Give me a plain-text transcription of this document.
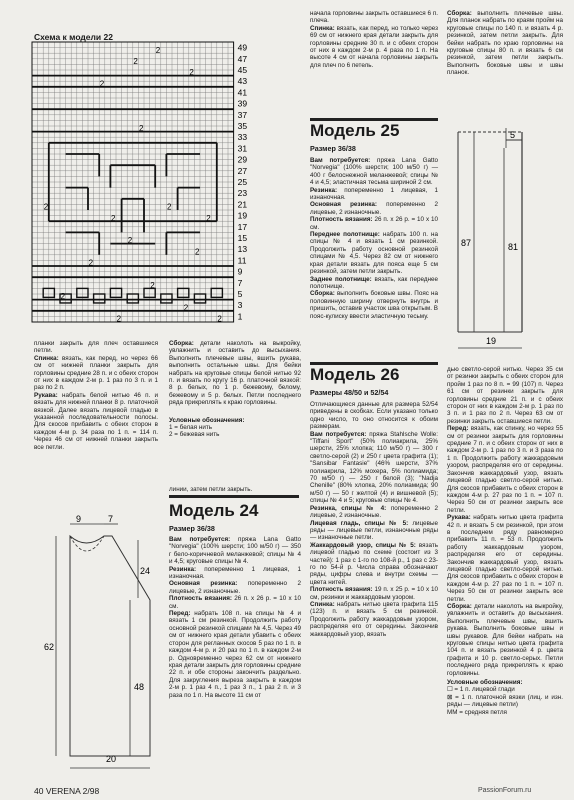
Схема к модели 22
2
2
2
2
2
2	2
2	2
2
2
2
2
2
2
2	2
49
47
45
43
41
39
37
35
33
31
29
27
25
23
21
19
17
15
13
11
9
7
5
3
1
планки закрыть для плеч оставшиеся петли.
Спинка: вязать, как перед, но через 66 см от нижней планки закрыть для горловины средние 28 п. и с обеих сторон от них в каждом 2-м р. 1 раз по 3 п. и 1 раз по 2 п.
Рукава: набрать белой нитью 46 п. и вязать для нижней планки 8 р. платочной вязкой. Далее вязать лицевой гладью в указанной последовательности полосы. Для скосов прибавить с обеих сторон в каждом 4-м р. 34 раза по 1 п. = 114 п. Через 46 см от нижней планки закрыть все петли.
Сборка: детали наколоть на выкройку, увлажнить и оставить до высыхания. Выполнить плечевые швы, вшить рукава, выполнить остальные швы. Для бейки набрать на круговые спицы белой нитью 92 п. и вязать по кругу 16 р. платочной вязкой: 8 р. белых, по 1 р. бежевому, белому, бежевому и 5 р. белых. Петли последнего ряда прикреплять к краю горловины.
Условные обозначения:
1 = белая нить
2 = бежевая нить
начала горловины закрыть оставшиеся 6 п. плеча.
Спинка: вязать, как перед, но только через 69 см от нижнего края детали закрыть для горловины средние 30 п. и с обеих сторон от них в каждом 2-м р. 4 раза по 1 п. На высоте 4 см от начала горловины закрыть для плеч по 6 петель.
Сборка: выполнить плечевые швы. Для планок набрать по краям пройм на круговые спицы по 140 п. и вязать 4 р. резинкой, затем петли закрыть. Для бейки набрать по краю горловины на круговые спицы 80 п. и вязать 6 см резинкой, затем петли закрыть. Выполнить боковые швы и швы планок.
Модель 25
Размер 36/38
Вам потребуется: пряжа Lana Gatto "Norvegia" (100% шерсти; 100 м/50 г) — 400 г белоснежной меланжевой; спицы № 4 и 4,5; эластичная тесьма шириной 2 см.
Резинка: попеременно 1 лицевая, 1 изнаночная.
Основная резинка: попеременно 2 лицевые, 2 изнаночные.
Плотность вязания: 26 п. х 26 р. = 10 х 10 см.
Переднее полотнище: набрать 100 п. на спицы № 4 и вязать 1 см резинкой. Продолжить работу основной резинкой спицами № 4,5. Через 82 см от нижнего края детали вязать для пояса еще 5 см резинкой, затем петли закрыть.
Заднее полотнище: вязать, как переднее полотнище.
Сборка: выполнить боковые швы. Пояс на половинную ширину отвернуть внутрь и пришить, оставив участок шва открытым. В пояс-кулиску ввести эластичную тесьму.
5
87	81
19
линии, затем петли закрыть.
Модель 24
Размер 36/38
Вам потребуется: пряжа Lana Gatto "Norvegia" (100% шерсти; 100 м/50 г) — 350 г бело-коричневой меланжевой; спицы № 4 и 4,5; круговые спицы № 4.
Резинка: попеременно 1 лицевая, 1 изнаночная.
Основная резинка: попеременно 2 лицевые, 2 изнаночные.
Плотность вязания: 26 п. х 26 р. = 10 х 10 см.
Перед: набрать 108 п. на спицы № 4 и вязать 1 см резинкой. Продолжить работу основной резинкой спицами № 4,5. Через 49 см от нижнего края детали убавить с обеих сторон для регланных скосов 5 раз по 1 п. в каждом 4-м р. и 20 раз по 1 п. в каждом 2-м р. Одновременно через 62 см от нижнего края детали закрыть для горловины средние 22 п. и обе стороны закончить раздельно. Для закругления выреза закрыть в каждом 2-м р. 1 раз 4 п., 1 раз 3 п., 1 раз 2 п. и 3 раза по 1 п. На высоте 11 см от
9	7
24
62
48
20
Модель 26
Размеры 48/50 и 52/54
Отличающиеся данные для размера 52/54 приведены в скобках. Если указано только одно число, то оно относится к обоим размерам.
Вам потребуется: пряжа Stahlsche Wolle: "Tiffani Sport" (50% полиакрила, 25% шерсти, 25% хлопка; 110 м/50 г) — 300 г светло-серой (2) и 250 г цвета графита (1); "Sansibar Fantasie" (46% шерсти, 37% полиакрила, 12% мохера, 5% полиамида; 70 м/50 г) — 250 г белой (3); "Nadja Chenille" (80% хлопка, 20% полиамида; 90 м/50 г) — 50 г желтой (4) и вишневой (5); спицы № 4 и 5; круговые спицы № 4.
Резинка, спицы № 4: попеременно 2 лицевые, 2 изнаночные.
Лицевая гладь, спицы № 5: лицевые ряды — лицевые петли, изнаночные ряды — изнаночные петли.
Жаккардовый узор, спицы № 5: вязать лицевой гладью по схеме (состоит из 3 частей): 1 раз с 1-го по 108-й р., 1 раз с 23-го по 54-й р. Числа справа обозначают ряды, цифры слева и внутри схемы — цвета нитей.
Плотность вязания: 19 п. х 25 р. = 10 х 10 см, резинки и жаккардовым узором.
Спинка: набрать нитью цвета графита 115 (123) п. и вязать 5 см резинкой. Продолжить работу жаккардовым узором, распределяя его от середины. Закончив жаккардовый узор, вязать
дью светло-серой нитью. Через 35 см от резинки закрыть с обеих сторон для пройм 1 раз по 8 п. = 99 (107) п. Через 61 см от резинки закрыть для горловины средние 21 п. и с обеих сторон от них в каждом 2-м р. 1 раз по 3 п. и 1 раз по 2 п. Через 63 см от резинки закрыть оставшиеся петли.
Перед: вязать, как спинку, но через 55 см от резинки закрыть для горловины средние 7 п. и с обеих сторон от них в каждом 2-м р. 1 раз по 3 п. и 3 раза по 1 п. Продолжить работу жаккардовым узором, распределяя его от середины. Закончив жаккардовый узор, вязать лицевой гладью светло-серой нитью. Для скосов прибавить с обеих сторон в каждом 4-м р. 27 раз по 1 п. = 107 п. Через 50 см от резинки закрыть все петли.
Рукава: набрать нитью цвета графита 42 п. и вязать 5 см резинкой, при этом в последнем ряду равномерно прибавить 11 п. = 53 п. Продолжить работу жаккардовым узором, распределяя его от середины. Закончив жаккардовый узор, вязать лицевой гладью светло-серой нитью. Для скосов прибавить с обеих сторон в каждом 4-м р. 27 раз по 1 п. = 107 п. Через 50 см от резинки закрыть все петли.
Сборка: детали наколоть на выкройку, увлажнить и оставить до высыхания. Выполнить плечевые швы, вшить рукава. Выполнить боковые швы и швы рукавов. Для бейки набрать на круговые спицы нитью цвета графита 104 п. и вязать резинкой 4 р. цвета графита и 10 р. светло-серых. Петли последнего ряда прикреплять к краю горловины.
Условные обозначения:
☐ = 1 п. лицевой глади
⊠ = 1 п. платочной вязки (лиц. и изн. ряды — лицевые петли)
MM = средняя петля
40 VERENA 2/98	PassionForum.ru
